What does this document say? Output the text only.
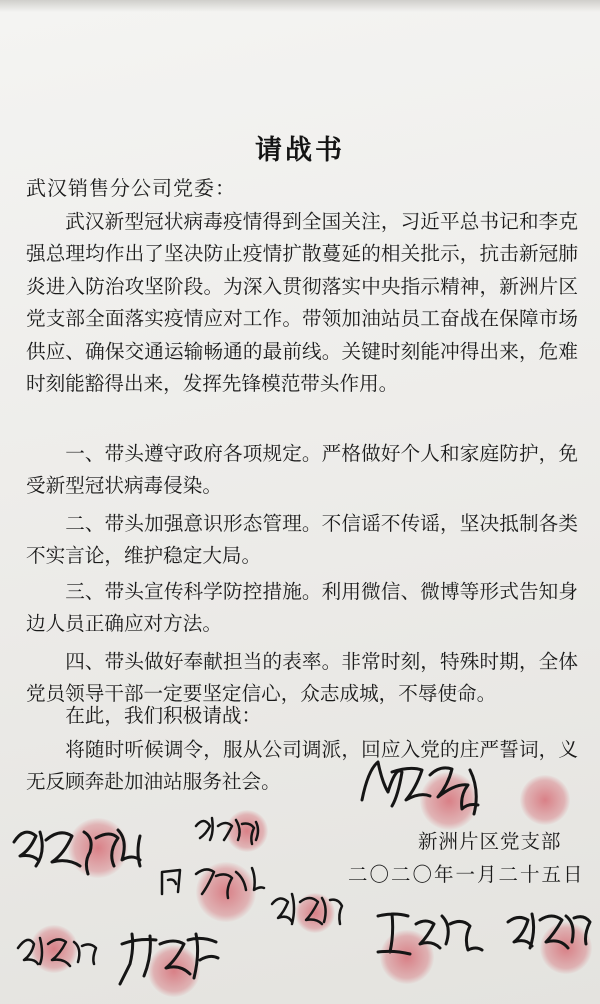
请战书
武汉销售分公司党委：
武汉新型冠状病毒疫情得到全国关注，习近平总书记和李克强总理均作出了坚决防止疫情扩散蔓延的相关批示，抗击新冠肺炎进入防治攻坚阶段。为深入贯彻落实中央指示精神，新洲片区党支部全面落实疫情应对工作。带领加油站员工奋战在保障市场供应、确保交通运输畅通的最前线。关键时刻能冲得出来，危难时刻能豁得出来，发挥先锋模范带头作用。
一、带头遵守政府各项规定。严格做好个人和家庭防护，免受新型冠状病毒侵染。
二、带头加强意识形态管理。不信谣不传谣，坚决抵制各类不实言论，维护稳定大局。
三、带头宣传科学防控措施。利用微信、微博等形式告知身边人员正确应对方法。
四、带头做好奉献担当的表率。非常时刻，特殊时期，全体党员领导干部一定要坚定信心，众志成城，不辱使命。
在此，我们积极请战：
将随时听候调令，服从公司调派，回应入党的庄严誓词，义无反顾奔赴加油站服务社会。
新洲片区党支部
二〇二〇年一月二十五日
